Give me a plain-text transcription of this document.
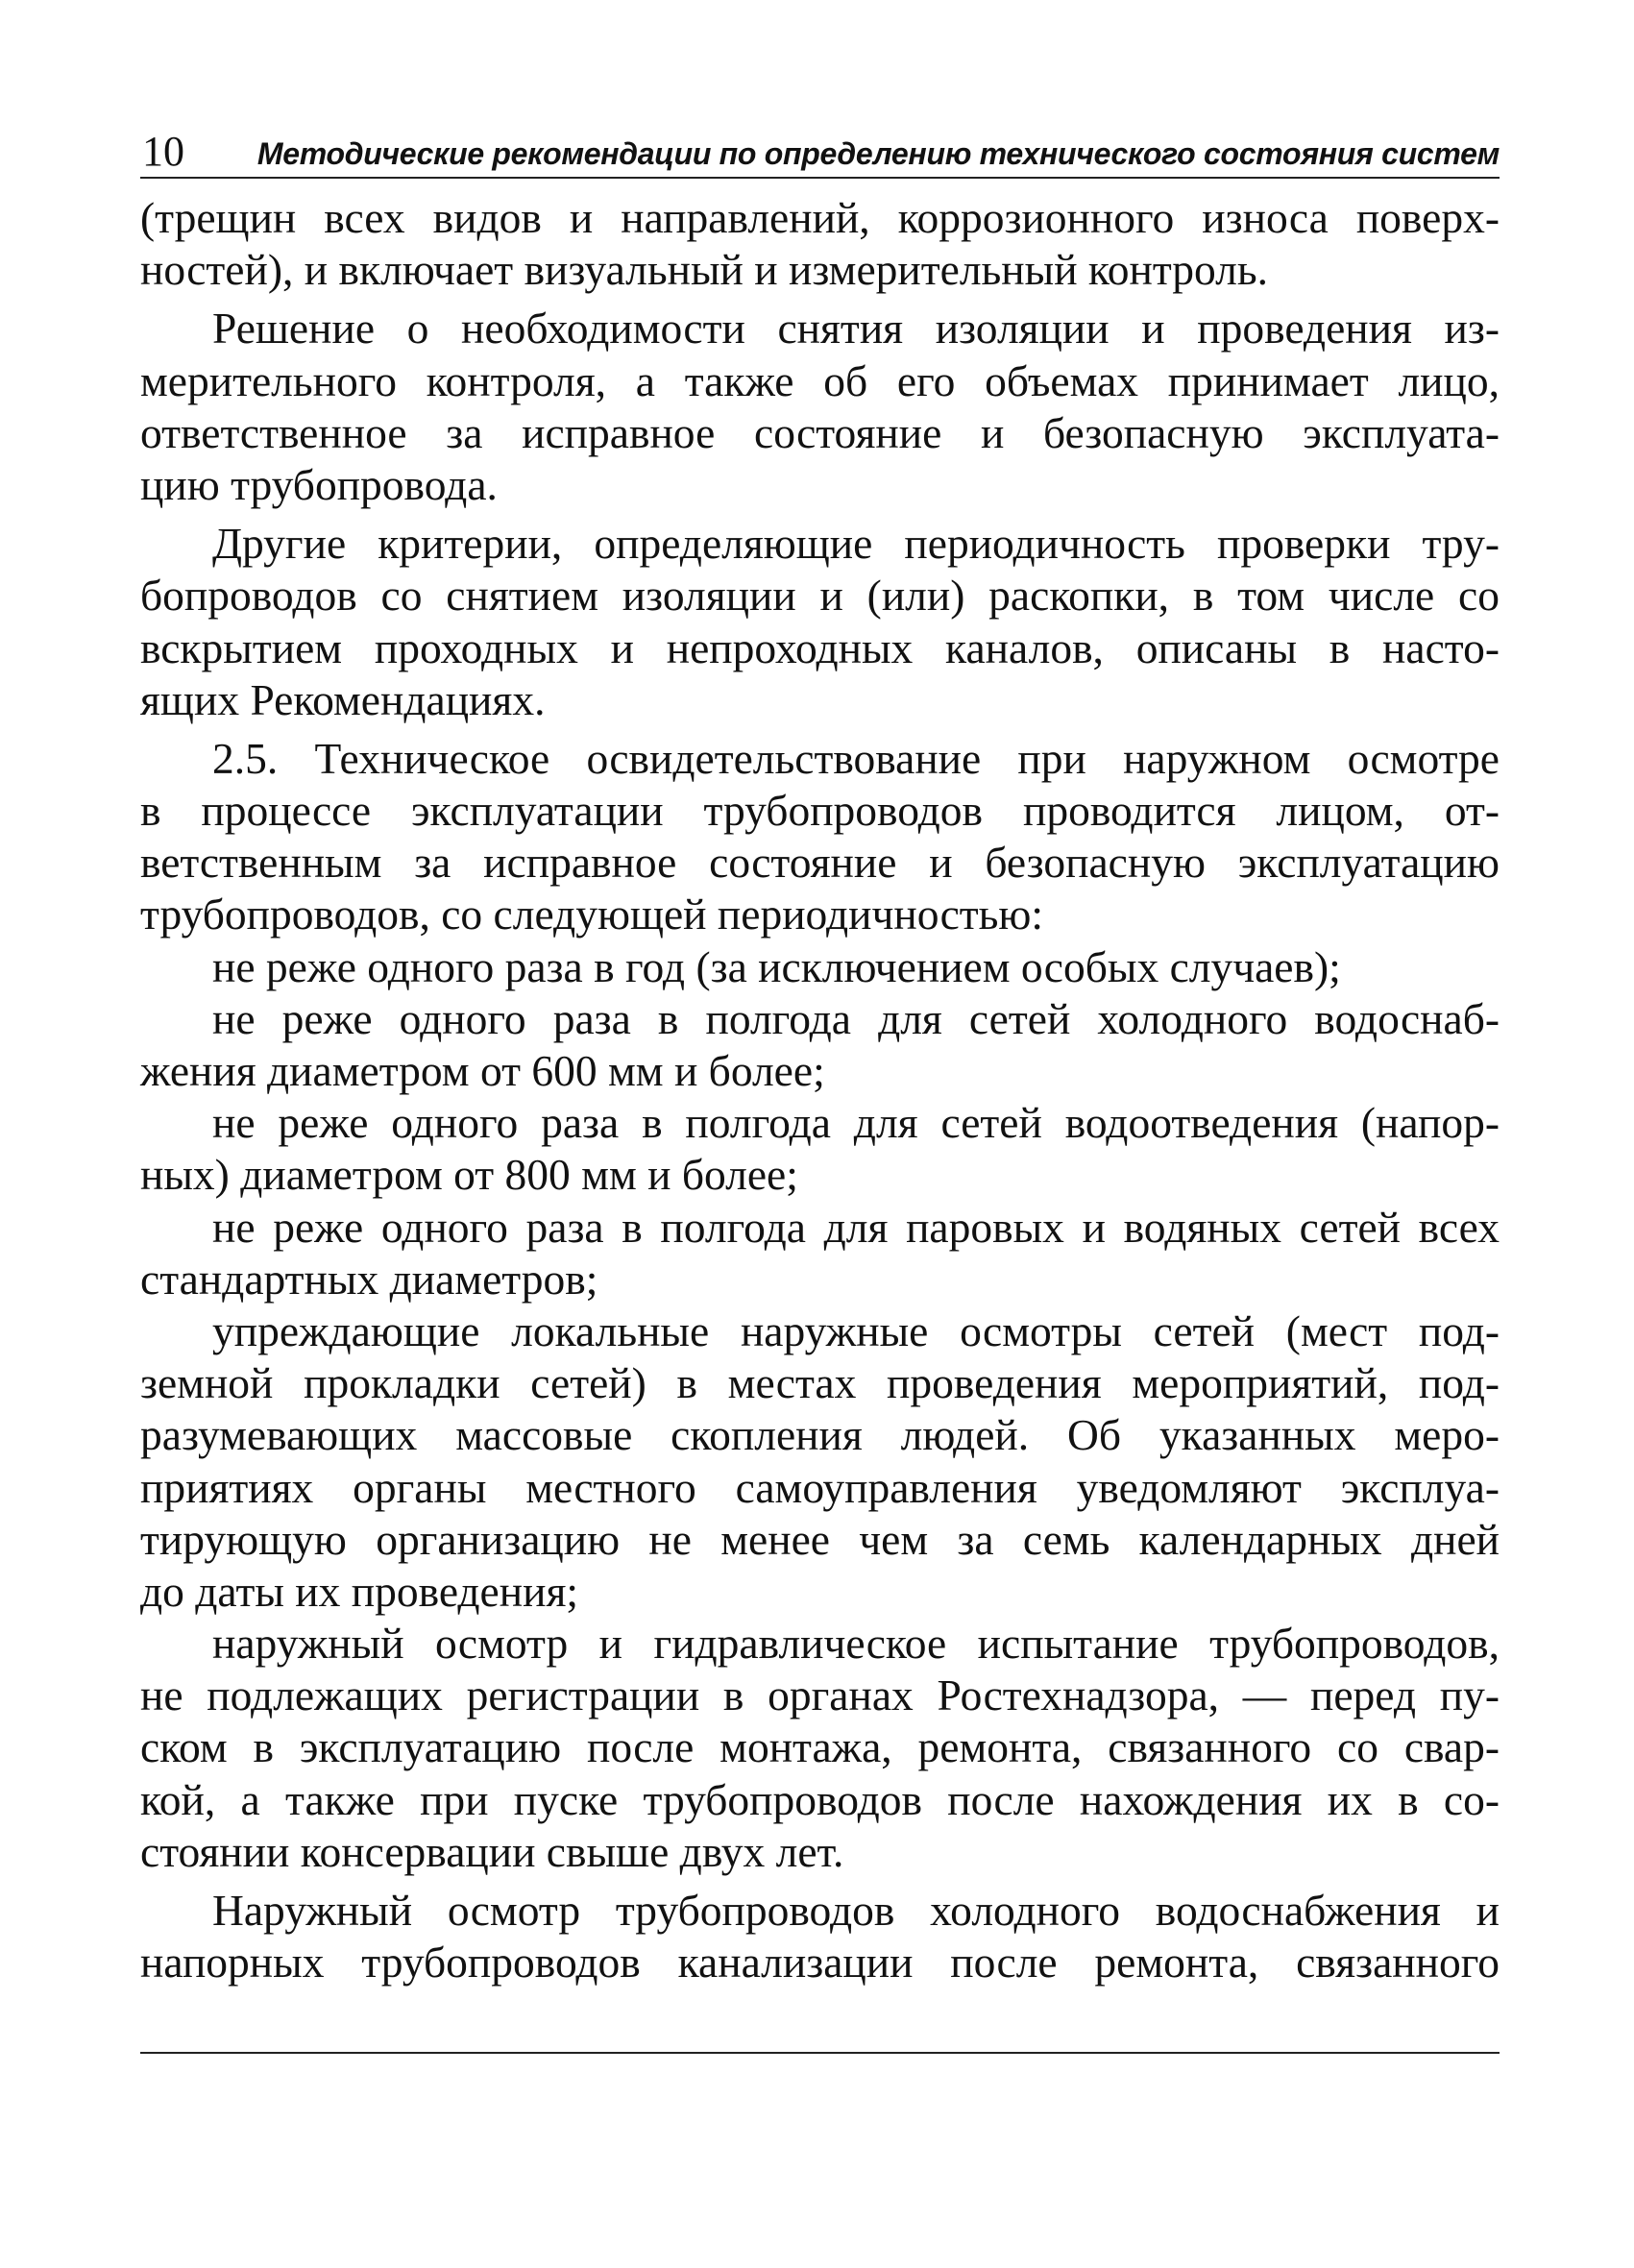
10 Методические рекомендации по определению технического состояния систем
(трещин всех видов и направлений, коррозионного износа поверх-
ностей), и включает визуальный и измерительный контроль.
Решение о необходимости снятия изоляции и проведения из-
мерительного контроля, а также об его объемах принимает лицо,
ответственное за исправное состояние и безопасную эксплуата-
цию трубопровода.
Другие критерии, определяющие периодичность проверки тру-
бопроводов со снятием изоляции и (или) раскопки, в том числе со
вскрытием проходных и непроходных каналов, описаны в насто-
ящих Рекомендациях.
2.5. Техническое освидетельствование при наружном осмотре
в процессе эксплуатации трубопроводов проводится лицом, от-
ветственным за исправное состояние и безопасную эксплуатацию
трубопроводов, со следующей периодичностью:
не реже одного раза в год (за исключением особых случаев);
не реже одного раза в полгода для сетей холодного водоснаб-
жения диаметром от 600 мм и более;
не реже одного раза в полгода для сетей водоотведения (напор-
ных) диаметром от 800 мм и более;
не реже одного раза в полгода для паровых и водяных сетей всех
стандартных диаметров;
упреждающие локальные наружные осмотры сетей (мест под-
земной прокладки сетей) в местах проведения мероприятий, под-
разумевающих массовые скопления людей. Об указанных меро-
приятиях органы местного самоуправления уведомляют эксплуа-
тирующую организацию не менее чем за семь календарных дней
до даты их проведения;
наружный осмотр и гидравлическое испытание трубопроводов,
не подлежащих регистрации в органах Ростехнадзора, — перед пу-
ском в эксплуатацию после монтажа, ремонта, связанного со свар-
кой, а также при пуске трубопроводов после нахождения их в со-
стоянии консервации свыше двух лет.
Наружный осмотр трубопроводов холодного водоснабжения и
напорных трубопроводов канализации после ремонта, связанного
